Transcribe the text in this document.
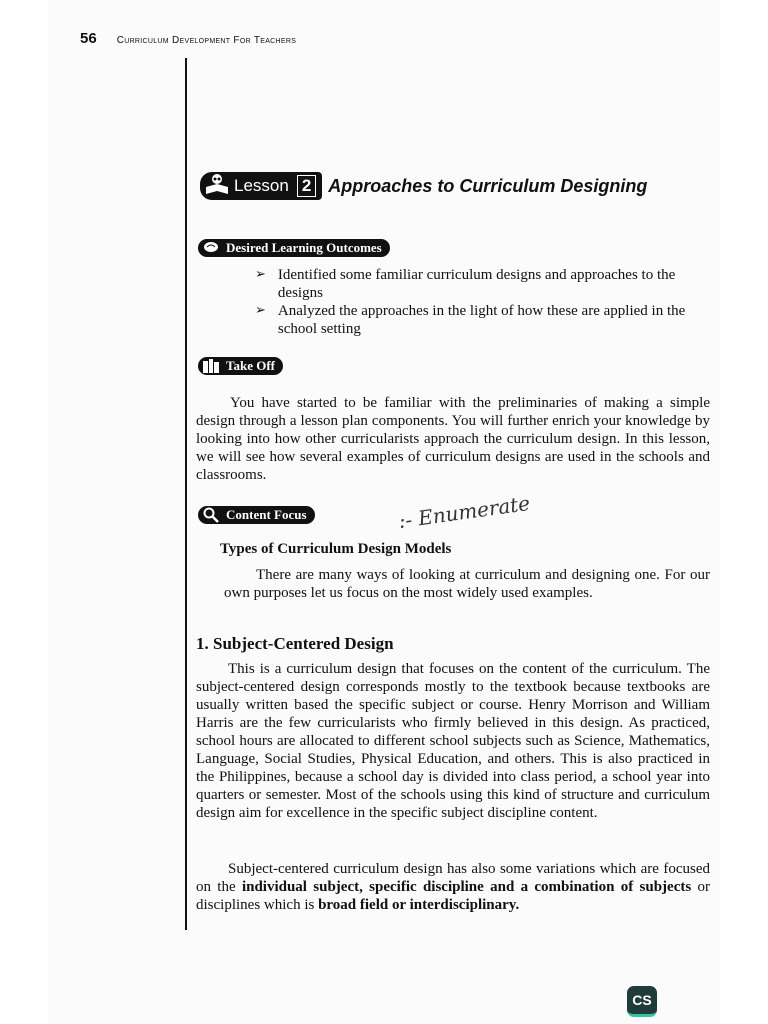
56 Curriculum Development For Teachers
Lesson 2 Approaches to Curriculum Designing
Desired Learning Outcomes
➢ Identified some familiar curriculum designs and approaches to the designs
➢ Analyzed the approaches in the light of how these are applied in the school setting
Take Off
You have started to be familiar with the preliminaries of making a simple design through a lesson plan components. You will further enrich your knowledge by looking into how other curricularists approach the curriculum design. In this lesson, we will see how several examples of curriculum designs are used in the schools and classrooms.
Content Focus	:- Enumerate
Types of Curriculum Design Models
There are many ways of looking at curriculum and designing one. For our own purposes let us focus on the most widely used examples.
1. Subject-Centered Design
This is a curriculum design that focuses on the content of the curriculum. The subject-centered design corresponds mostly to the textbook because textbooks are usually written based the specific subject or course. Henry Morrison and William Harris are the few curricularists who firmly believed in this design. As practiced, school hours are allocated to different school subjects such as Science, Mathematics, Language, Social Studies, Physical Education, and others. This is also practiced in the Philippines, because a school day is divided into class period, a school year into quarters or semester. Most of the schools using this kind of structure and curriculum design aim for excellence in the specific subject discipline content.
Subject-centered curriculum design has also some variations which are focused on the individual subject, specific discipline and a combination of subjects or disciplines which is broad field or interdisciplinary.
CS
